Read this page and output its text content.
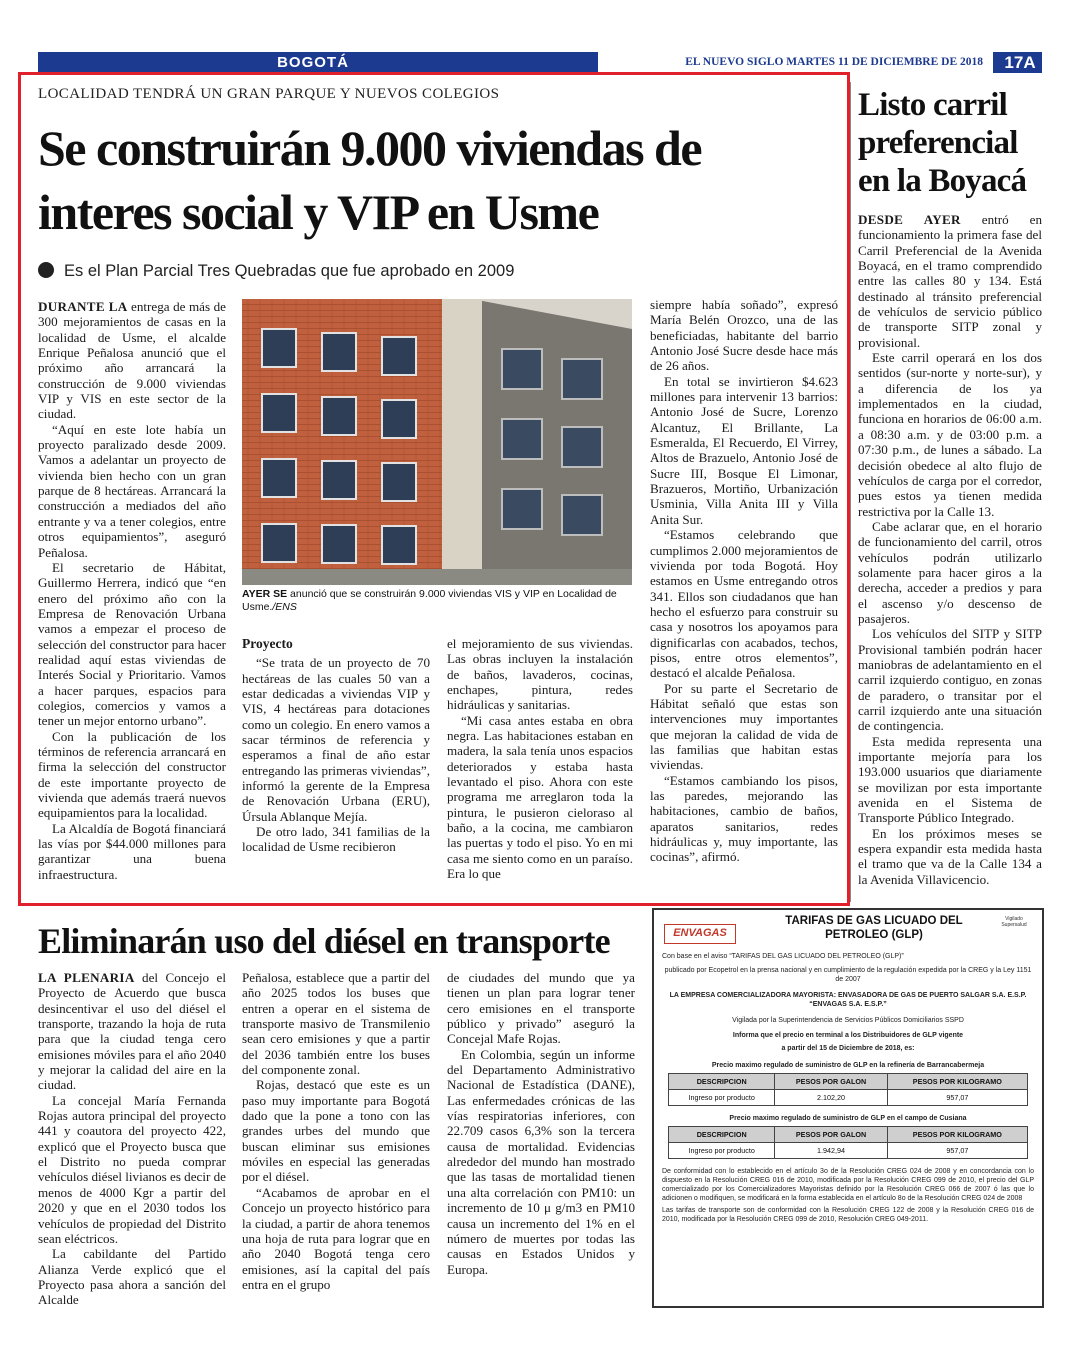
BOGOTÁ	EL NUEVO SIGLO MARTES 11 DE DICIEMBRE DE 2018	17A
LOCALIDAD TENDRÁ UN GRAN PARQUE Y NUEVOS COLEGIOS
Se construirán 9.000 viviendas de interes social y VIP en Usme
Es el Plan Parcial Tres Quebradas que fue aprobado en 2009

DURANTE LA entrega de más de 300 mejoramientos de casas en la localidad de Usme, el alcalde Enrique Peñalosa anunció que el próximo año arrancará la construcción de 9.000 viviendas VIP y VIS en este sector de la ciudad.

“Aquí en este lote había un proyecto paralizado desde 2009. Vamos a adelantar un proyecto de vivienda bien hecho con un gran parque de 8 hectáreas. Arrancará la construcción a mediados del año entrante y va a tener colegios, entre otros equipamientos”, aseguró Peñalosa.

El secretario de Hábitat, Guillermo Herrera, indicó que “en enero del próximo año con la Empresa de Renovación Urbana vamos a empezar el proceso de selección del constructor para hacer realidad aquí estas viviendas de Interés Social y Prioritario. Vamos a hacer parques, espacios para colegios, comercios y vamos a tener un mejor entorno urbano”.

Con la publicación de los términos de referencia arrancará en firma la selección del constructor de este importante proyecto de vivienda que además traerá nuevos equipamientos para la localidad.

La Alcaldía de Bogotá financiará las vías por $44.000 millones para garantizar una buena infraestructura.

AYER SE anunció que se construirán 9.000 viviendas VIS y VIP en Localidad de Usme./ENS
Proyecto

“Se trata de un proyecto de 70 hectáreas de las cuales 50 van a estar dedicadas a viviendas VIP y VIS, 4 hectáreas para dotaciones como un colegio. En enero vamos a sacar términos de referencia y esperamos a final de año estar entregando las primeras viviendas”, informó la gerente de la Empresa de Renovación Urbana (ERU), Úrsula Ablanque Mejía.

De otro lado, 341 familias de la localidad de Usme recibieron

el mejoramiento de sus viviendas. Las obras incluyen la instalación de baños, lavaderos, cocinas, enchapes, pintura, redes hidráulicas y sanitarias.

“Mi casa antes estaba en obra negra. Las habitaciones estaban en madera, la sala tenía unos espacios deteriorados y estaba hasta levantado el piso. Ahora con este programa me arreglaron toda la pintura, le pusieron cieloraso al baño, a la cocina, me cambiaron las puertas y todo el piso. Yo en mi casa me siento como en un paraíso. Era lo que

siempre había soñado”, expresó María Belén Orozco, una de las beneficiadas, habitante del barrio Antonio José Sucre desde hace más de 26 años.

En total se invirtieron $4.623 millones para intervenir 13 barrios: Antonio José de Sucre, Lorenzo Alcantuz, El Brillante, La Esmeralda, El Recuerdo, El Virrey, Altos de Brazuelo, Antonio José de Sucre III, Bosque El Limonar, Brazueros, Mortiño, Urbanización Usminia, Villa Anita III y Villa Anita Sur.

“Estamos celebrando que cumplimos 2.000 mejoramientos de vivienda por toda Bogotá. Hoy estamos en Usme entregando otros 341. Ellos son ciudadanos que han hecho el esfuerzo para construir su casa y nosotros los apoyamos para dignificarlas con acabados, techos, pisos, entre otros elementos”, destacó el alcalde Peñalosa.

Por su parte el Secretario de Hábitat señaló que estas son intervenciones muy importantes que mejoran la calidad de vida de las familias que habitan estas viviendas.

“Estamos cambiando los pisos, las paredes, mejorando las habitaciones, cambio de baños, aparatos sanitarios, redes hidráulicas y, muy importante, las cocinas”, afirmó.

Listo carril preferencial en la Boyacá

DESDE AYER entró en funcionamiento la primera fase del Carril Preferencial de la Avenida Boyacá, en el tramo comprendido entre las calles 80 y 134. Está destinado al tránsito preferencial de vehículos de servicio público de transporte SITP zonal y provisional.

Este carril operará en los dos sentidos (sur-norte y norte-sur), y a diferencia de los ya implementados en la ciudad, funciona en horarios de 06:00 a.m. a 08:30 a.m. y de 03:00 p.m. a 07:30 p.m., de lunes a sábado. La decisión obedece al alto flujo de vehículos de carga por el corredor, pues estos ya tienen medida restrictiva por la Calle 13.

Cabe aclarar que, en el horario de funcionamiento del carril, otros vehículos podrán utilizarlo solamente para hacer giros a la derecha, acceder a predios y para el ascenso y/o descenso de pasajeros.

Los vehículos del SITP y SITP Provisional también podrán hacer maniobras de adelantamiento en el carril izquierdo contiguo, en zonas de paradero, o transitar por el carril izquierdo ante una situación de contingencia.

Esta medida representa una importante mejoría para los 193.000 usuarios que diariamente se movilizan por esta importante avenida en el Sistema de Transporte Público Integrado.

En los próximos meses se espera expandir esta medida hasta el tramo que va de la Calle 134 a la Avenida Villavicencio.

Eliminarán uso del diésel en transporte

LA PLENARIA del Concejo el Proyecto de Acuerdo que busca desincentivar el uso del diésel el transporte, trazando la hoja de ruta para que la ciudad tenga cero emisiones móviles para el año 2040 y mejorar la calidad del aire en la ciudad.

La concejal María Fernanda Rojas autora principal del proyecto 441 y coautora del proyecto 422, explicó que el Proyecto busca que el Distrito no pueda comprar vehículos diésel livianos es decir de menos de 4000 Kgr a partir del 2020 y que en el 2030 todos los vehículos de propiedad del Distrito sean eléctricos.

La cabildante del Partido Alianza Verde explicó que el Proyecto pasa ahora a sanción del Alcalde

Peñalosa, establece que a partir del año 2025 todos los buses que entren a operar en el sistema de transporte masivo de Transmilenio sean cero emisiones y que a partir del 2036 también entre los buses del componente zonal.

Rojas, destacó que este es un paso muy importante para Bogotá dado que la pone a tono con las grandes urbes del mundo que buscan eliminar sus emisiones móviles en especial las generadas por el diésel.

“Acabamos de aprobar en el Concejo un proyecto histórico para la ciudad, a partir de ahora tenemos una hoja de ruta para lograr que en año 2040 Bogotá tenga cero emisiones, así la capital del país entra en el grupo

de ciudades del mundo que ya tienen un plan para lograr tener cero emisiones en el transporte público y privado” aseguró la Concejal Mafe Rojas.

En Colombia, según un informe del Departamento Administrativo Nacional de Estadística (DANE), Las enfermedades crónicas de las vías respiratorias inferiores, con 22.709 casos 6,3% son la tercera causa de mortalidad. Evidencias alrededor del mundo han mostrado que las tasas de mortalidad tienen una alta correlación con PM10: un incremento de 10 μ g/m3 en PM10 causa un incremento del 1% en el número de muertes por todas las causas en Estados Unidos y Europa.

ENVAGAS
TARIFAS DE GAS LICUADO DEL PETROLEO (GLP)
Vigilado Supersalud

Con base en el aviso “TARIFAS DEL GAS LICUADO DEL PETROLEO (GLP)”

publicado por Ecopetrol en la prensa nacional y en cumplimiento de la regulación expedida por la CREG y la Ley 1151 de 2007

LA EMPRESA COMERCIALIZADORA MAYORISTA: ENVASADORA DE GAS DE PUERTO SALGAR S.A. E.S.P. “ENVAGAS S.A. E.S.P.”

Vigilada por la Superintendencia de Servicios Públicos Domiciliarios SSPD

Informa que el precio en terminal a los Distribuidores de GLP vigente

a partir del 15 de Diciembre de 2018, es:

Precio maximo regulado de suministro de GLP en la refinería de Barrancabermeja

DESCRIPCION	PESOS POR GALON	PESOS POR KILOGRAMO
Ingreso por producto	2.102,20	957,07

Precio maximo regulado de suministro de GLP en el campo de Cusiana

DESCRIPCION	PESOS POR GALON	PESOS POR KILOGRAMO
Ingreso por producto	1.942,94	957,07

De conformidad con lo establecido en el artículo 3o de la Resolución CREG 024 de 2008 y en concordancia con lo dispuesto en la Resolución CREG 016 de 2010, modificada por la Resolución CREG 099 de 2010, el precio del GLP comercializado por los Comercializadores Mayoristas definido por la Resolución CREG 066 de 2007 ó las que lo adicionen o modifiquen, se modificará en la forma establecida en el artículo 8o de la Resolución CREG 024 de 2008

Las tarifas de transporte son de conformidad con la Resolución CREG 122 de 2008 y la Resolución CREG 016 de 2010, modificada por la Resolución CREG 099 de 2010, Resolución CREG 049-2011.
